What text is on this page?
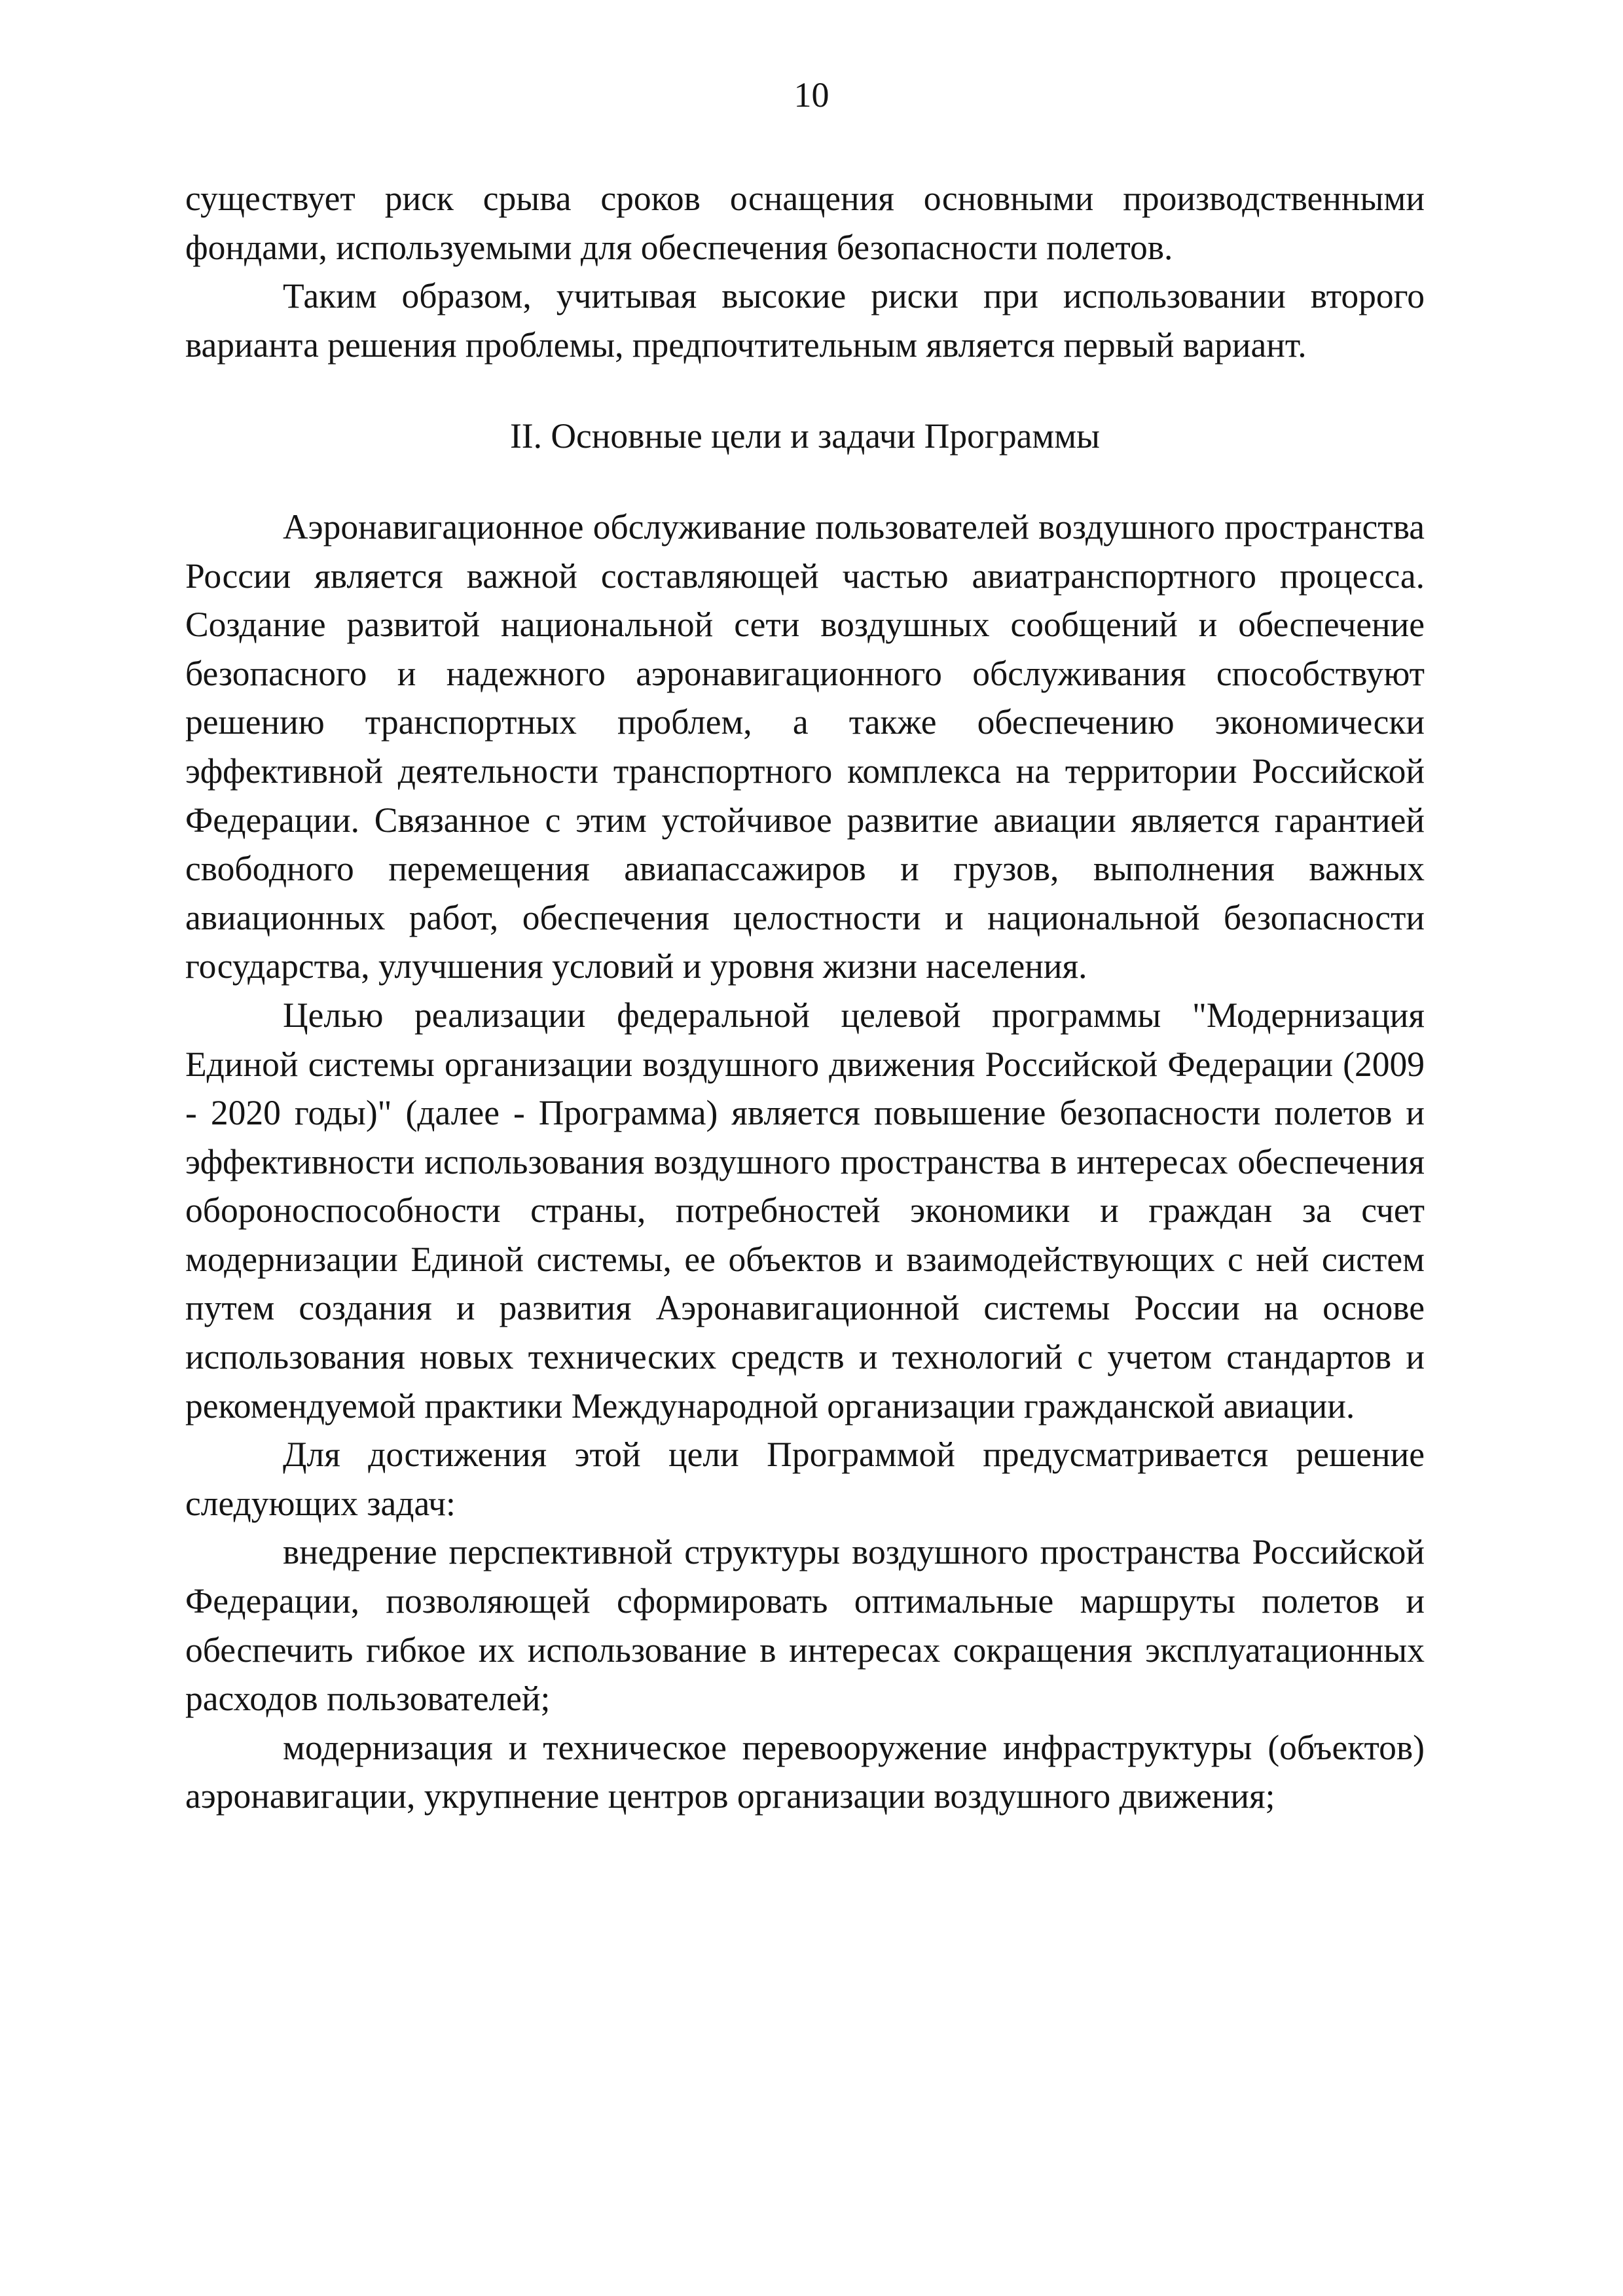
10

существует риск срыва сроков оснащения основными производственными фондами, используемыми для обеспечения безопасности полетов.

Таким образом, учитывая высокие риски при использовании второго варианта решения проблемы, предпочтительным является первый вариант.

II. Основные цели и задачи Программы

Аэронавигационное обслуживание пользователей воздушного пространства России является важной составляющей частью авиатранспортного процесса. Создание развитой национальной сети воздушных сообщений и обеспечение безопасного и надежного аэронавигационного обслуживания способствуют решению транспортных проблем, а также обеспечению экономически эффективной деятельности транспортного комплекса на территории Российской Федерации. Связанное с этим устойчивое развитие авиации является гарантией свободного перемещения авиапассажиров и грузов, выполнения важных авиационных работ, обеспечения целостности и национальной безопасности государства, улучшения условий и уровня жизни населения.

Целью реализации федеральной целевой программы "Модернизация Единой системы организации воздушного движения Российской Федерации (2009 - 2020 годы)" (далее - Программа) является повышение безопасности полетов и эффективности использования воздушного пространства в интересах обеспечения обороноспособности страны, потребностей экономики и граждан за счет модернизации Единой системы, ее объектов и взаимодействующих с ней систем путем создания и развития Аэронавигационной системы России на основе использования новых технических средств и технологий с учетом стандартов и рекомендуемой практики Международной организации гражданской авиации.

Для достижения этой цели Программой предусматривается решение следующих задач:

внедрение перспективной структуры воздушного пространства Российской Федерации, позволяющей сформировать оптимальные маршруты полетов и обеспечить гибкое их использование в интересах сокращения эксплуатационных расходов пользователей;

модернизация и техническое перевооружение инфраструктуры (объектов) аэронавигации, укрупнение центров организации воздушного движения;
